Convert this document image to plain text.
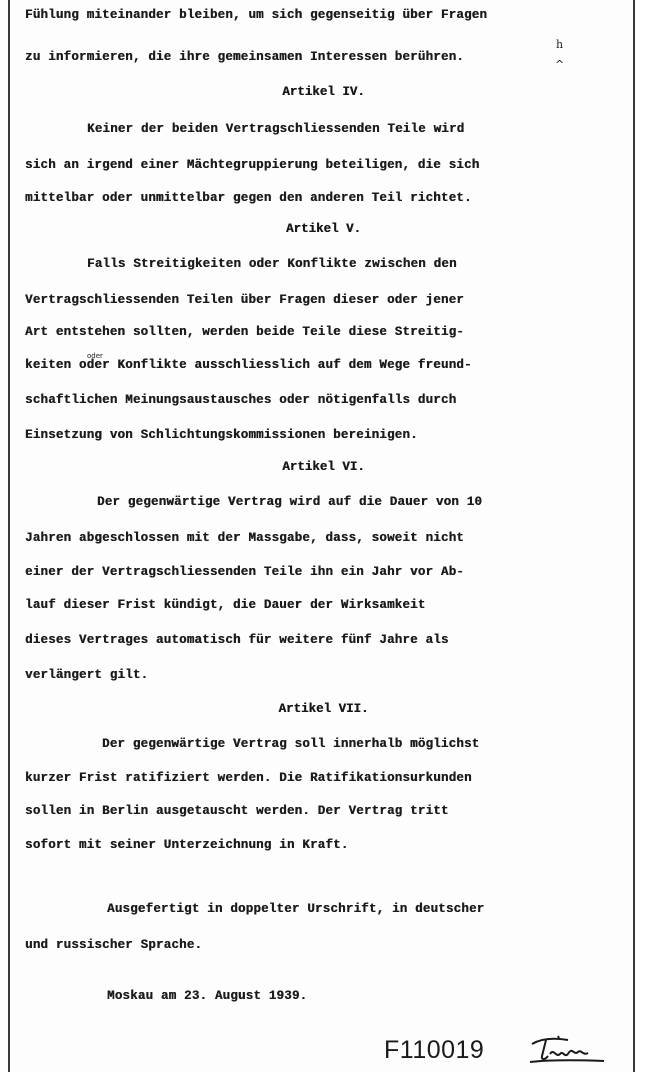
Fühlung miteinander bleiben, um sich gegenseitig über Fragen
zu informieren, die ihre gemeinsamen Interessen berühren.
h
^
Artikel IV.
Keiner der beiden Vertragschliessenden Teile wird
sich an irgend einer Mächtegruppierung beteiligen, die sich
mittelbar oder unmittelbar gegen den anderen Teil richtet.
Artikel V.
Falls Streitigkeiten oder Konflikte zwischen den
Vertragschliessenden Teilen über Fragen dieser oder jener
Art entstehen sollten, werden beide Teile diese Streitig-
keiten oder Konflikte ausschliesslich auf dem Wege freund-
oder
schaftlichen Meinungsaustausches oder nötigenfalls durch
Einsetzung von Schlichtungskommissionen bereinigen.
Artikel VI.
Der gegenwärtige Vertrag wird auf die Dauer von 10
Jahren abgeschlossen mit der Massgabe, dass, soweit nicht
einer der Vertragschliessenden Teile ihn ein Jahr vor Ab-
lauf dieser Frist kündigt, die Dauer der Wirksamkeit
dieses Vertrages automatisch für weitere fünf Jahre als
verlängert gilt.
Artikel VII.
Der gegenwärtige Vertrag soll innerhalb möglichst
kurzer Frist ratifiziert werden. Die Ratifikationsurkunden
sollen in Berlin ausgetauscht werden. Der Vertrag tritt
sofort mit seiner Unterzeichnung in Kraft.
Ausgefertigt in doppelter Urschrift, in deutscher
und russischer Sprache.
Moskau am 23. August 1939.
F110019
